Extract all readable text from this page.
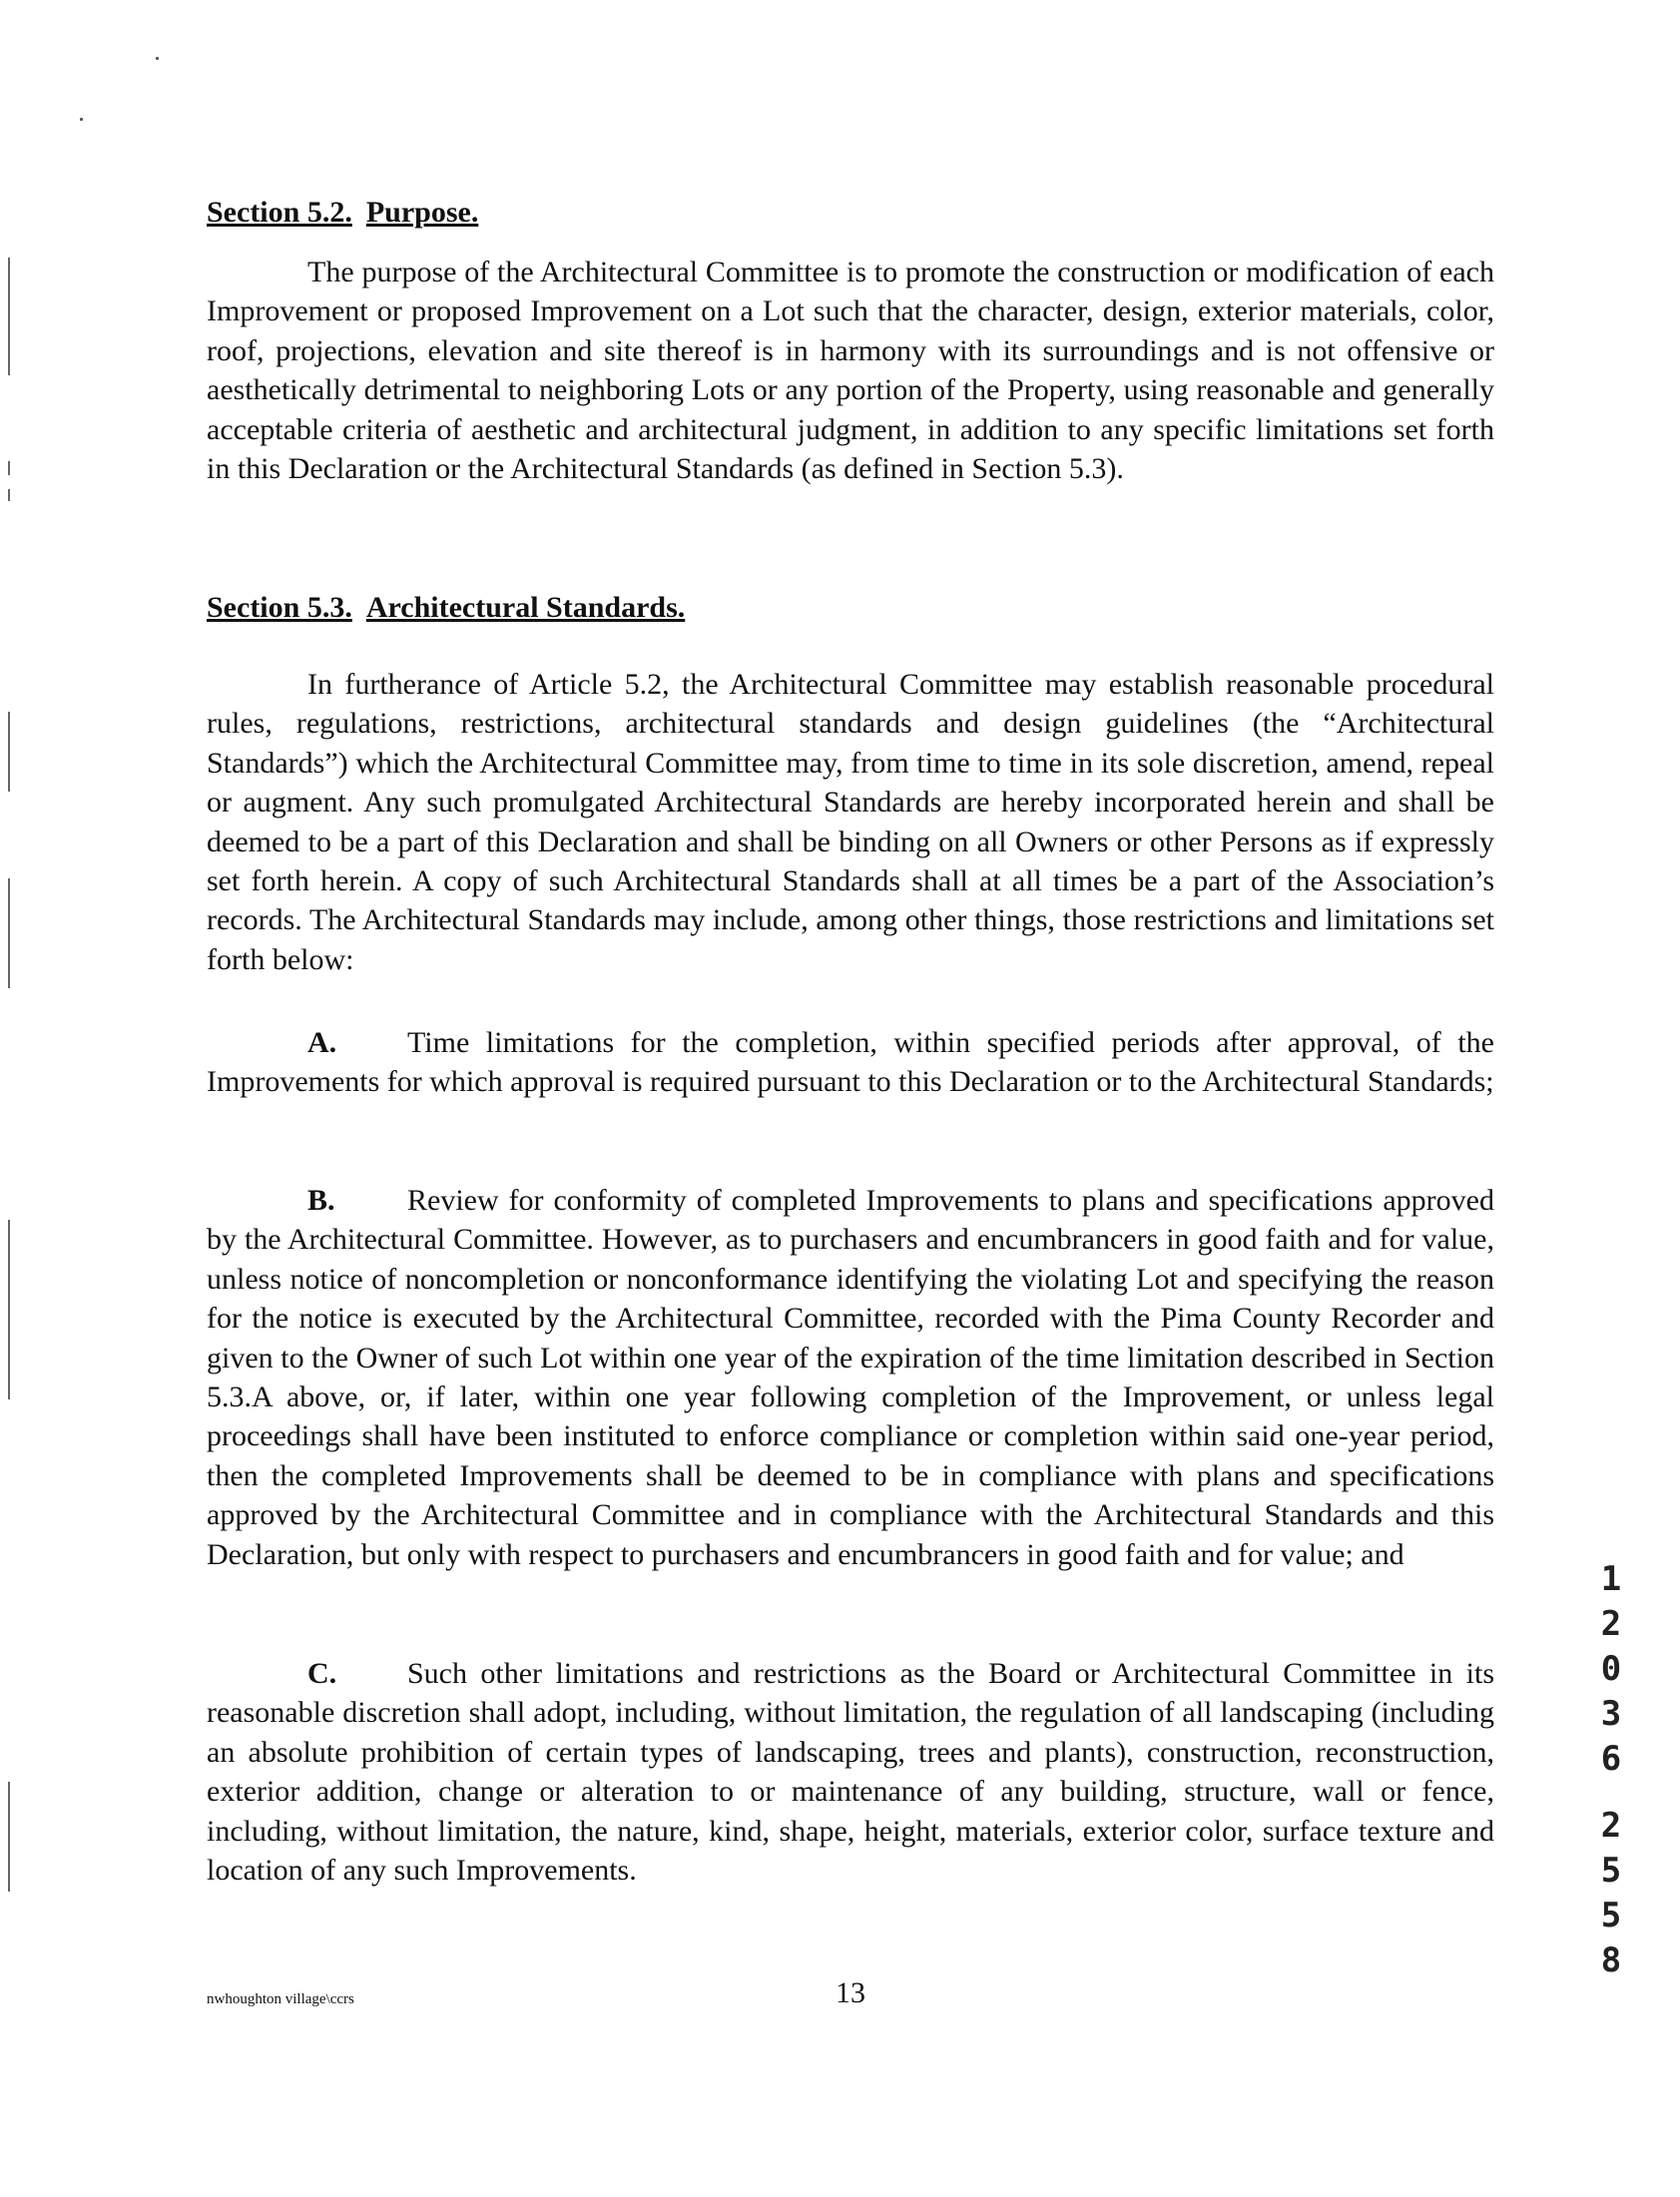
Section 5.2. Purpose.

The purpose of the Architectural Committee is to promote the construction or modification of each Improvement or proposed Improvement on a Lot such that the character, design, exterior materials, color, roof, projections, elevation and site thereof is in harmony with its surroundings and is not offensive or aesthetically detrimental to neighboring Lots or any portion of the Property, using reasonable and generally acceptable criteria of aesthetic and architectural judgment, in addition to any specific limitations set forth in this Declaration or the Architectural Standards (as defined in Section 5.3).

Section 5.3. Architectural Standards.

In furtherance of Article 5.2, the Architectural Committee may establish reasonable procedural rules, regulations, restrictions, architectural standards and design guidelines (the “Architectural Standards”) which the Architectural Committee may, from time to time in its sole discretion, amend, repeal or augment. Any such promulgated Architectural Standards are hereby incorporated herein and shall be deemed to be a part of this Declaration and shall be binding on all Owners or other Persons as if expressly set forth herein. A copy of such Architectural Standards shall at all times be a part of the Association’s records. The Architectural Standards may include, among other things, those restrictions and limitations set forth below:

A. Time limitations for the completion, within specified periods after approval, of the Improvements for which approval is required pursuant to this Declaration or to the Architectural Standards;

B. Review for conformity of completed Improvements to plans and specifications approved by the Architectural Committee. However, as to purchasers and encumbrancers in good faith and for value, unless notice of noncompletion or nonconformance identifying the violating Lot and specifying the reason for the notice is executed by the Architectural Committee, recorded with the Pima County Recorder and given to the Owner of such Lot within one year of the expiration of the time limitation described in Section 5.3.A above, or, if later, within one year following completion of the Improvement, or unless legal proceedings shall have been instituted to enforce compliance or completion within said one-year period, then the completed Improvements shall be deemed to be in compliance with plans and specifications approved by the Architectural Committee and in compliance with the Architectural Standards and this Declaration, but only with respect to purchasers and encumbrancers in good faith and for value; and

C. Such other limitations and restrictions as the Board or Architectural Committee in its reasonable discretion shall adopt, including, without limitation, the regulation of all landscaping (including an absolute prohibition of certain types of landscaping, trees and plants), construction, reconstruction, exterior addition, change or alteration to or maintenance of any building, structure, wall or fence, including, without limitation, the nature, kind, shape, height, materials, exterior color, surface texture and location of any such Improvements.

1
2
0
3
6
2
5
5
8
nwhoughton village\ccrs	13
